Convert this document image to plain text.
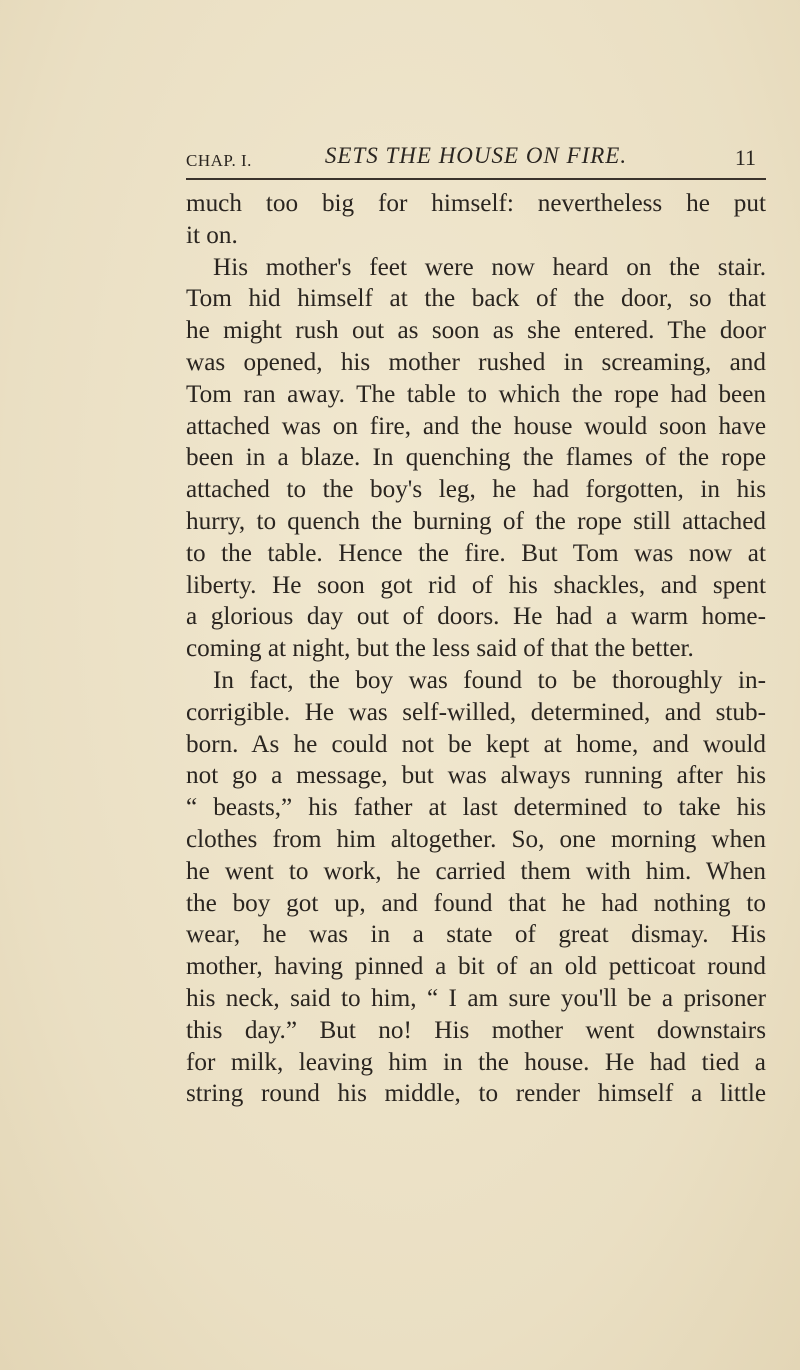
CHAP. I.	SETS THE HOUSE ON FIRE.	11
much too big for himself: nevertheless he put
it on.
His mother's feet were now heard on the stair.
Tom hid himself at the back of the door, so that
he might rush out as soon as she entered. The door
was opened, his mother rushed in screaming, and
Tom ran away. The table to which the rope had been
attached was on fire, and the house would soon have
been in a blaze. In quenching the flames of the rope
attached to the boy's leg, he had forgotten, in his
hurry, to quench the burning of the rope still attached
to the table. Hence the fire. But Tom was now at
liberty. He soon got rid of his shackles, and spent
a glorious day out of doors. He had a warm home-
coming at night, but the less said of that the better.
In fact, the boy was found to be thoroughly in-
corrigible. He was self-willed, determined, and stub-
born. As he could not be kept at home, and would
not go a message, but was always running after his
“ beasts,” his father at last determined to take his
clothes from him altogether. So, one morning when
he went to work, he carried them with him. When
the boy got up, and found that he had nothing to
wear, he was in a state of great dismay. His
mother, having pinned a bit of an old petticoat round
his neck, said to him, “ I am sure you'll be a prisoner
this day.” But no! His mother went downstairs
for milk, leaving him in the house. He had tied a
string round his middle, to render himself a little
